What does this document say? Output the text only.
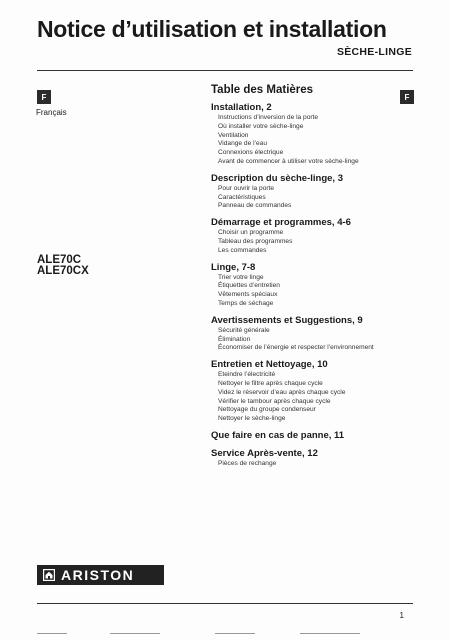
Notice d’utilisation et installation
SÈCHE-LINGE
F
Français
ALE70C
ALE70CX
Table des Matières
F
Installation, 2
Instructions d’inversion de la porte
Où installer votre sèche-linge
Ventilation
Vidange de l’eau
Connexions électrique
Avant de commencer à utiliser votre sèche-linge
Description du sèche-linge, 3
Pour ouvrir la porte
Caractéristiques
Panneau de commandes
Démarrage et programmes, 4-6
Choisir un programme
Tableau des programmes
Les commandes
Linge, 7-8
Trier votre linge
Étiquettes d’entretien
Vêtements spéciaux
Temps de séchage
Avertissements et Suggestions, 9
Sécurité générale
Élimination
Économiser de l’énergie et respecter l’environnement
Entretien et Nettoyage, 10
Eteindre l’électricité
Nettoyer le filtre après chaque cycle
Videz le réservoir d’eau après chaque cycle
Vérifier le tambour après chaque cycle
Nettoyage du groupe condenseur
Nettoyer le sèche-linge
Que faire en cas de panne, 11
Service Après-vente, 12
Pièces de rechange
ARISTON
1
